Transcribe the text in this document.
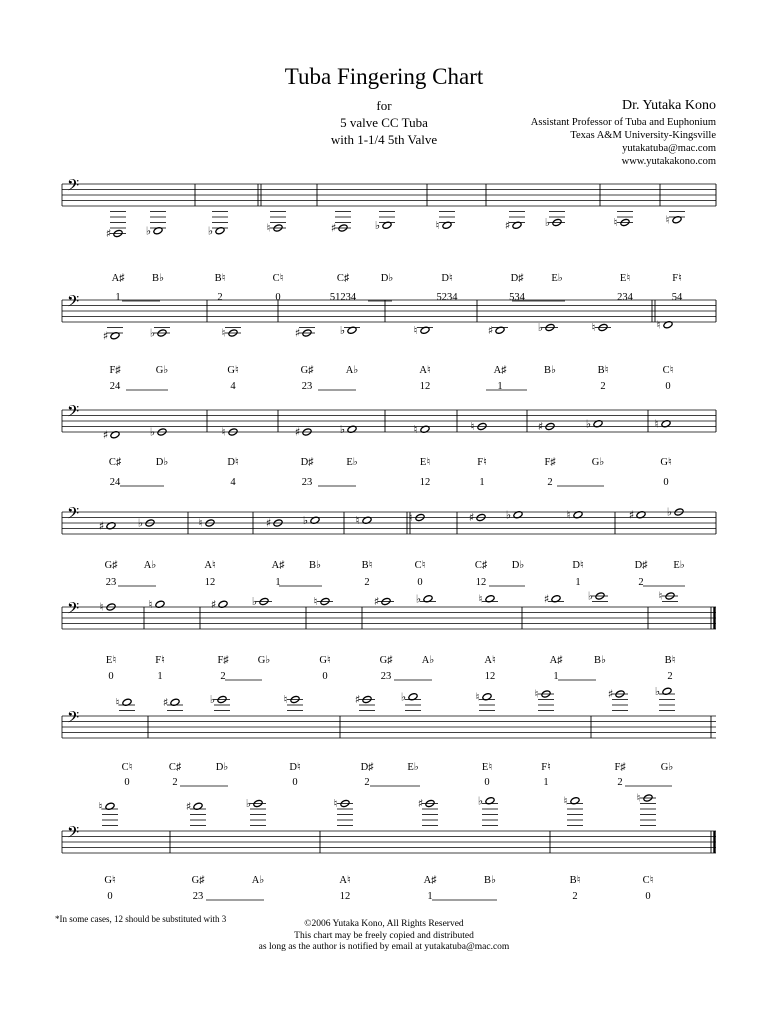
Tuba Fingering Chart
for
5 valve CC Tuba
with 1-1/4 5th Valve
Dr. Yutaka Kono
Assistant Professor of Tuba and Euphonium
Texas A&M University-Kingsville
yutakatuba@mac.com
www.yutakakono.com
𝄢
♯	♭	♭	♮	♯	♭	♮	♯	♭	♮	♮
A♯
1
B♭	B♮
2
C♮
0
C♯
51234
D♭	D♮
5234
D♯
534
E♭	E♮
234
F♮
54
𝄢
♯	♭	♮	♯	♭	♮	♯	♭	♮	♮
F♯
24
G♭	G♮
4
G♯
23
A♭	A♮
12
A♯
1
B♭	B♮
2
C♮
0
𝄢
♯	♭	♮	♯	♭	♮	♮	♯	♭	♮
C♯
24
D♭	D♮
4
D♯
23
E♭	E♮
12
F♮
1
F♯
2
G♭	G♮
0
𝄢 ♯	♭	♮	♯	♭	♮	♮	♯	♭	♮	♯	♭
G♯
23
A♭	A♮
12
A♯
1
B♭	B♮
2
C♮
0
C♯
12
D♭	D♮
1
D♯
2
E♭
𝄢 ♮	♮	♯	♭	♮	♯	♭	♮	♯	♭	♮
E♮
0
F♮
1
F♯
2
G♭	G♮
0
G♯
23
A♭	A♮
12
A♯
1
B♭	B♮
2
𝄢
♮	♯	♭	♮	♯	♭	♮	♮	♯	♭
C♮
0
C♯
2
D♭	D♮
0
D♯
2
E♭	E♮
0
F♮
1
F♯
2
G♭
𝄢
♮	♯	♭	♮	♯	♭	♮	♮
G♮
0
G♯
23
A♭	A♮
12
A♯
1
B♭	B♮
2
C♮
0
*In some cases, 12 should be substituted with 3	©2006 Yutaka Kono, All Rights Reserved
This chart may be freely copied and distributed
as long as the author is notified by email at yutakatuba@mac.com
